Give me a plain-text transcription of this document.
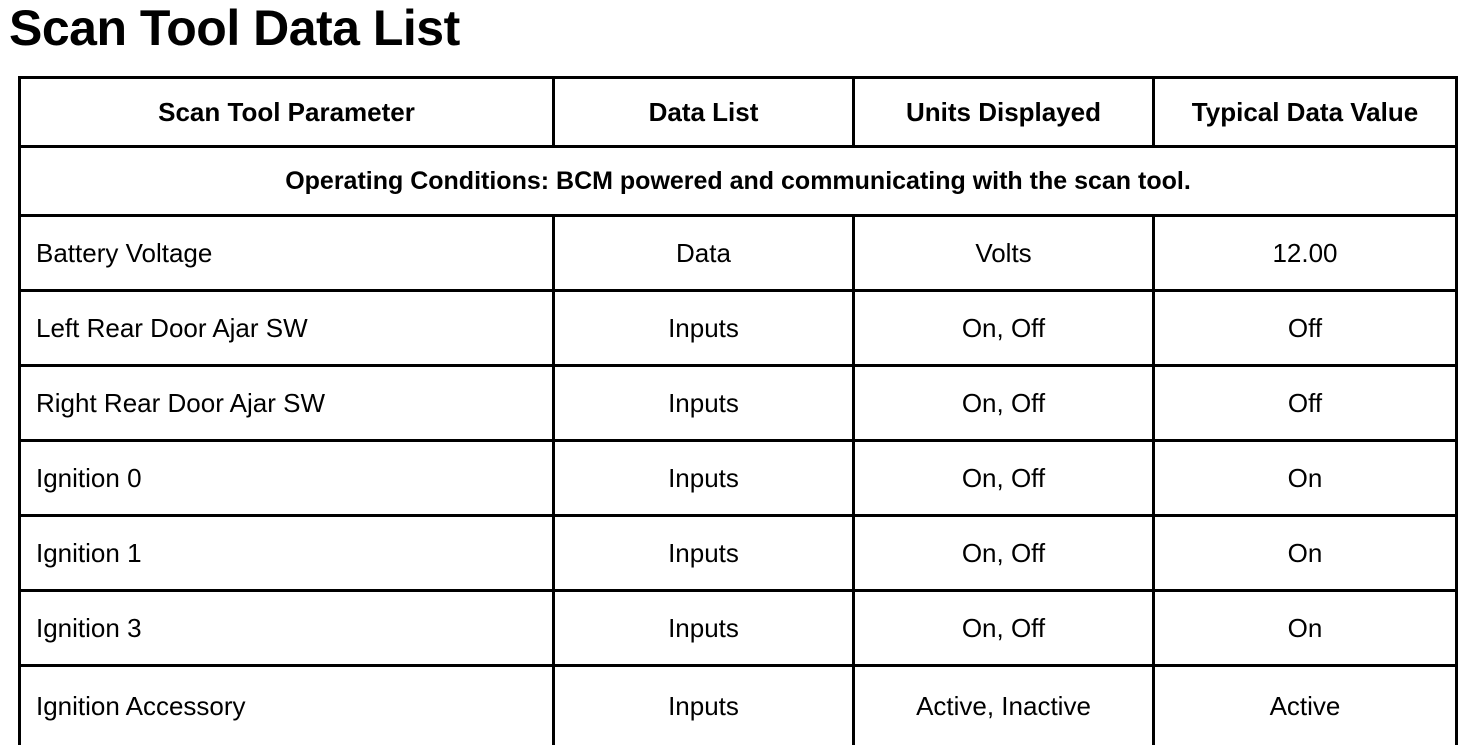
Scan Tool Data List
Scan Tool Parameter	Data List	Units Displayed	Typical Data Value
Operating Conditions: BCM powered and communicating with the scan tool.			
Battery Voltage	Data	Volts	12.00
Left Rear Door Ajar SW	Inputs	On, Off	Off
Right Rear Door Ajar SW	Inputs	On, Off	Off
Ignition 0	Inputs	On, Off	On
Ignition 1	Inputs	On, Off	On
Ignition 3	Inputs	On, Off	On
Ignition Accessory	Inputs	Active, Inactive	Active
